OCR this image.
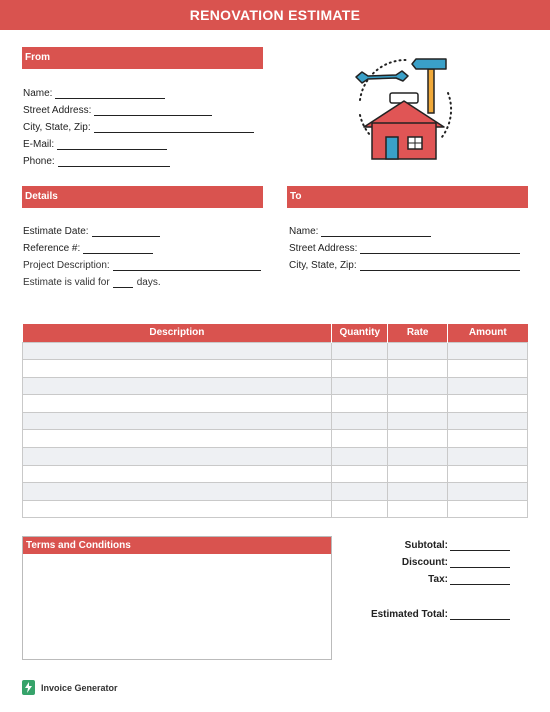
RENOVATION ESTIMATE
From
Name:
Street Address:
City, State, Zip:
E-Mail:
Phone:
Details
Estimate Date:
Reference #:
Project Description:
Estimate is valid for	days.
To
Name:
Street Address:
City, State, Zip:
Description	Quantity	Rate	Amount

Terms and Conditions	Subtotal:
Discount:
Tax:
Estimated Total:
Invoice Generator
